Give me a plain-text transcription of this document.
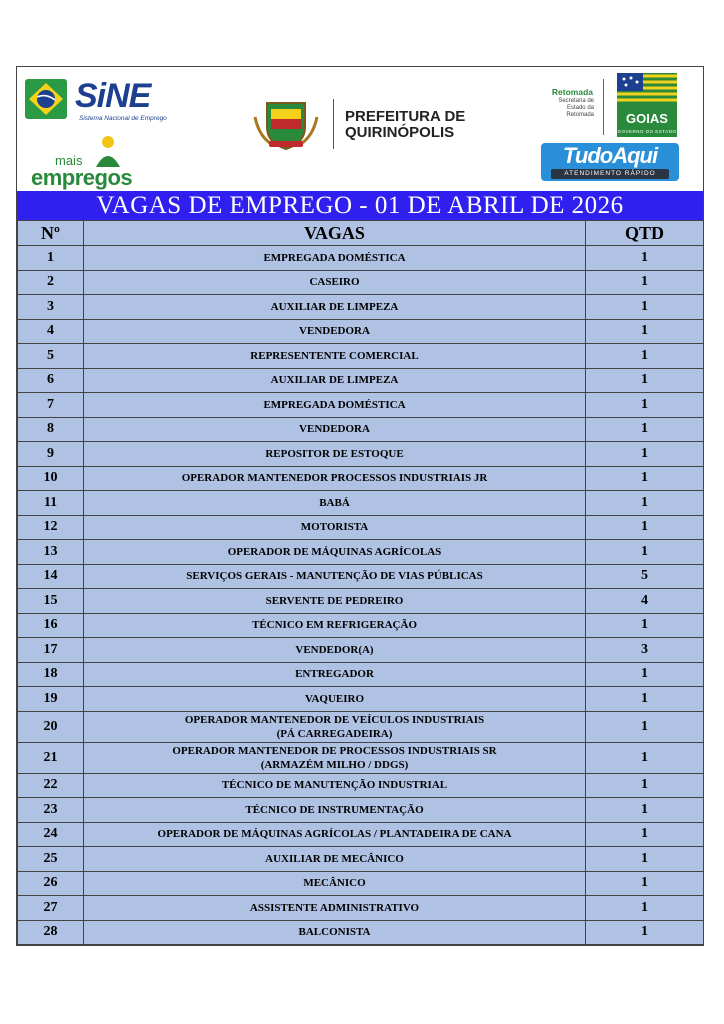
SiNE
Sistema Nacional de Emprego
mais
empregos
PREFEITURA DE
QUIRINÓPOLIS
Retomada
Secretaria de
Estado da
Retomada	GOIAS
GOVERNO DO ESTADO
TudoAqui
ATENDIMENTO RÁPIDO
VAGAS DE EMPREGO - 01 DE ABRIL DE 2026
Nº	VAGAS	QTD
1	EMPREGADA DOMÉSTICA	1
2	CASEIRO	1
3	AUXILIAR DE LIMPEZA	1
4	VENDEDORA	1
5	REPRESENTENTE COMERCIAL	1
6	AUXILIAR DE LIMPEZA	1
7	EMPREGADA DOMÉSTICA	1
8	VENDEDORA	1
9	REPOSITOR DE ESTOQUE	1
10	OPERADOR MANTENEDOR PROCESSOS INDUSTRIAIS JR	1
11	BABÁ	1
12	MOTORISTA	1
13	OPERADOR DE MÁQUINAS AGRÍCOLAS	1
14	SERVIÇOS GERAIS - MANUTENÇÃO DE VIAS PÚBLICAS	5
15	SERVENTE DE PEDREIRO	4
16	TÉCNICO EM REFRIGERAÇÃO	1
17	VENDEDOR(A)	3
18	ENTREGADOR	1
19	VAQUEIRO	1
20	OPERADOR MANTENEDOR DE VEÍCULOS INDUSTRIAIS
(PÁ CARREGADEIRA)	1
21	OPERADOR MANTENEDOR DE PROCESSOS INDUSTRIAIS SR
(ARMAZÉM MILHO / DDGS)	1
22	TÉCNICO DE MANUTENÇÃO INDUSTRIAL	1
23	TÉCNICO DE INSTRUMENTAÇÃO	1
24	OPERADOR DE MÁQUINAS AGRÍCOLAS / PLANTADEIRA DE CANA	1
25	AUXILIAR DE MECÂNICO	1
26	MECÂNICO	1
27	ASSISTENTE ADMINISTRATIVO	1
28	BALCONISTA	1
